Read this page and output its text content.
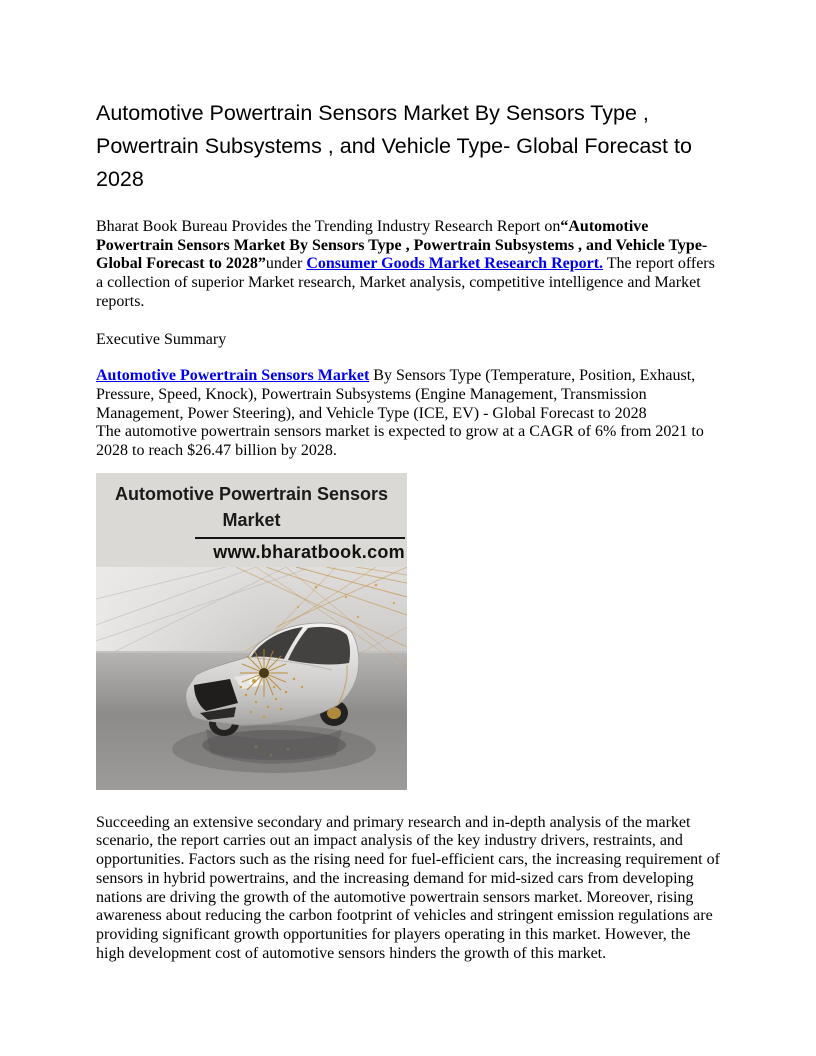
Automotive Powertrain Sensors Market By Sensors Type , Powertrain Subsystems , and Vehicle Type- Global Forecast to 2028

Bharat Book Bureau Provides the Trending Industry Research Report on“Automotive Powertrain Sensors Market By Sensors Type , Powertrain Subsystems , and Vehicle Type- Global Forecast to 2028”under Consumer Goods Market Research Report. The report offers a collection of superior Market research, Market analysis, competitive intelligence and Market reports.

Executive Summary

Automotive Powertrain Sensors Market By Sensors Type (Temperature, Position, Exhaust, Pressure, Speed, Knock), Powertrain Subsystems (Engine Management, Transmission Management, Power Steering), and Vehicle Type (ICE, EV) - Global Forecast to 2028
The automotive powertrain sensors market is expected to grow at a CAGR of 6% from 2021 to 2028 to reach $26.47 billion by 2028.

Automotive Powertrain Sensors Market
www.bharatbook.com

Succeeding an extensive secondary and primary research and in-depth analysis of the market scenario, the report carries out an impact analysis of the key industry drivers, restraints, and opportunities. Factors such as the rising need for fuel-efficient cars, the increasing requirement of sensors in hybrid powertrains, and the increasing demand for mid-sized cars from developing nations are driving the growth of the automotive powertrain sensors market. Moreover, rising awareness about reducing the carbon footprint of vehicles and stringent emission regulations are providing significant growth opportunities for players operating in this market. However, the high development cost of automotive sensors hinders the growth of this market.
